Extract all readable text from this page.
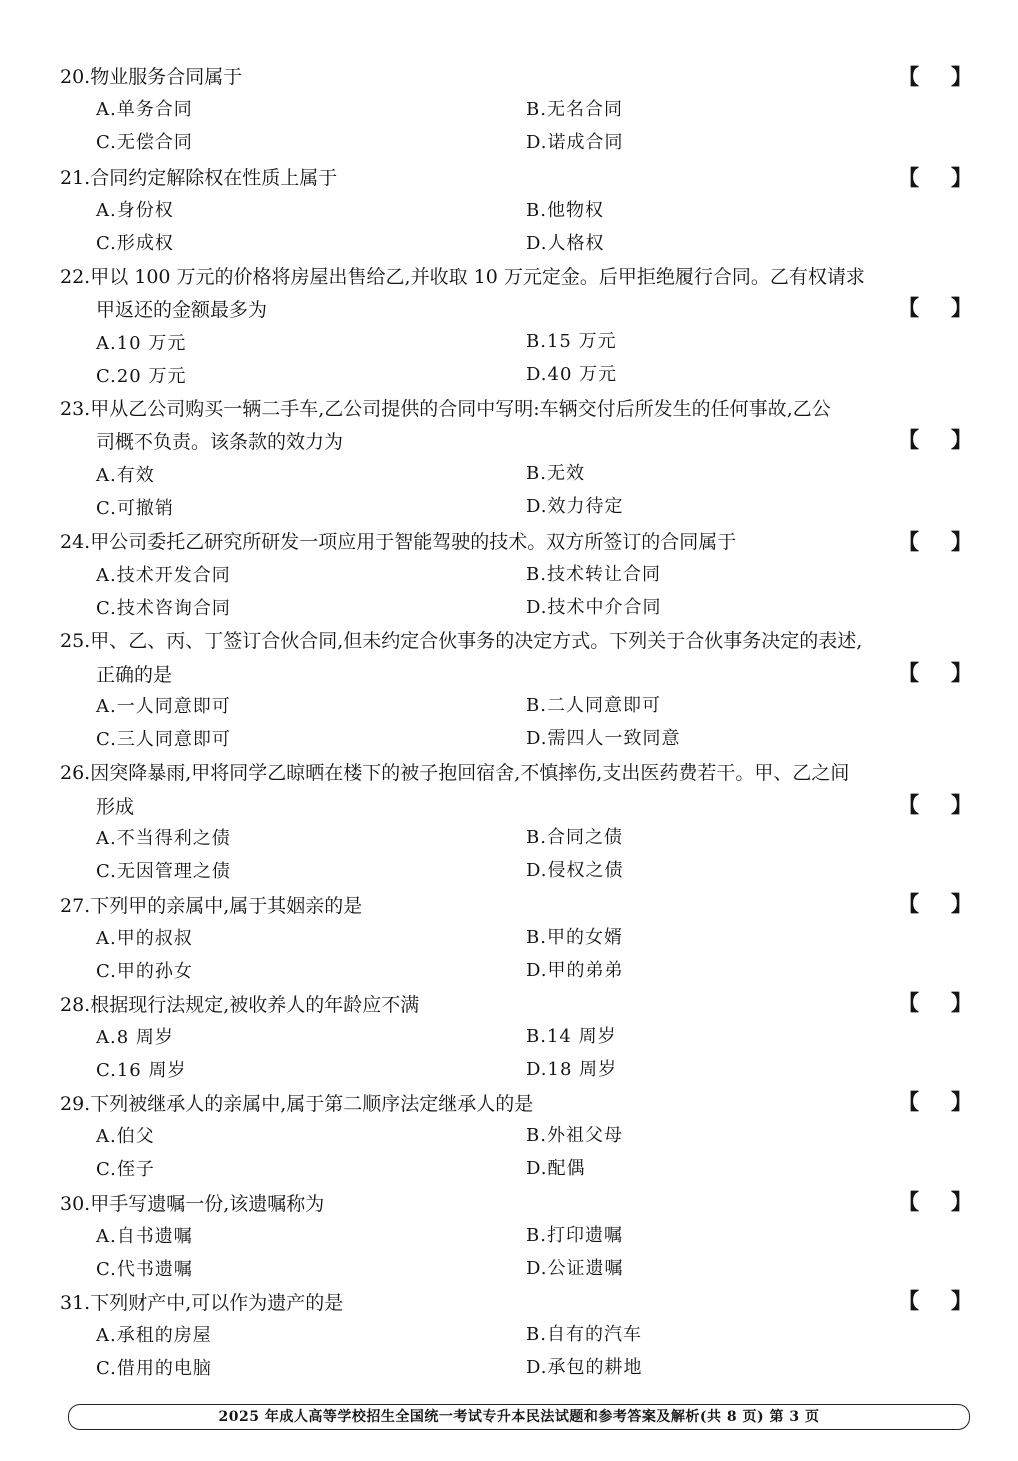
20.物业服务合同属于	【 】
A.单务合同	B.无名合同
C.无偿合同	D.诺成合同
21.合同约定解除权在性质上属于	【 】
A.身份权	B.他物权
C.形成权	D.人格权
22.甲以 100 万元的价格将房屋出售给乙,并收取 10 万元定金。后甲拒绝履行合同。乙有权请求
甲返还的金额最多为	【 】
A.10 万元	B.15 万元
C.20 万元	D.40 万元
23.甲从乙公司购买一辆二手车,乙公司提供的合同中写明:车辆交付后所发生的任何事故,乙公
司概不负责。该条款的效力为	【 】
A.有效	B.无效
C.可撤销	D.效力待定
24.甲公司委托乙研究所研发一项应用于智能驾驶的技术。双方所签订的合同属于	【 】
A.技术开发合同	B.技术转让合同
C.技术咨询合同	D.技术中介合同
25.甲、乙、丙、丁签订合伙合同,但未约定合伙事务的决定方式。下列关于合伙事务决定的表述,
正确的是	【 】
A.一人同意即可	B.二人同意即可
C.三人同意即可	D.需四人一致同意
26.因突降暴雨,甲将同学乙晾晒在楼下的被子抱回宿舍,不慎摔伤,支出医药费若干。甲、乙之间
形成	【 】
A.不当得利之债	B.合同之债
C.无因管理之债	D.侵权之债
27.下列甲的亲属中,属于其姻亲的是	【 】
A.甲的叔叔	B.甲的女婿
C.甲的孙女	D.甲的弟弟
28.根据现行法规定,被收养人的年龄应不满	【 】
A.8 周岁	B.14 周岁
C.16 周岁	D.18 周岁
29.下列被继承人的亲属中,属于第二顺序法定继承人的是	【 】
A.伯父	B.外祖父母
C.侄子	D.配偶
30.甲手写遗嘱一份,该遗嘱称为	【 】
A.自书遗嘱	B.打印遗嘱
C.代书遗嘱	D.公证遗嘱
31.下列财产中,可以作为遗产的是	【 】
A.承租的房屋	B.自有的汽车
C.借用的电脑	D.承包的耕地
2025 年成人高等学校招生全国统一考试专升本民法试题和参考答案及解析(共 8 页) 第 3 页
